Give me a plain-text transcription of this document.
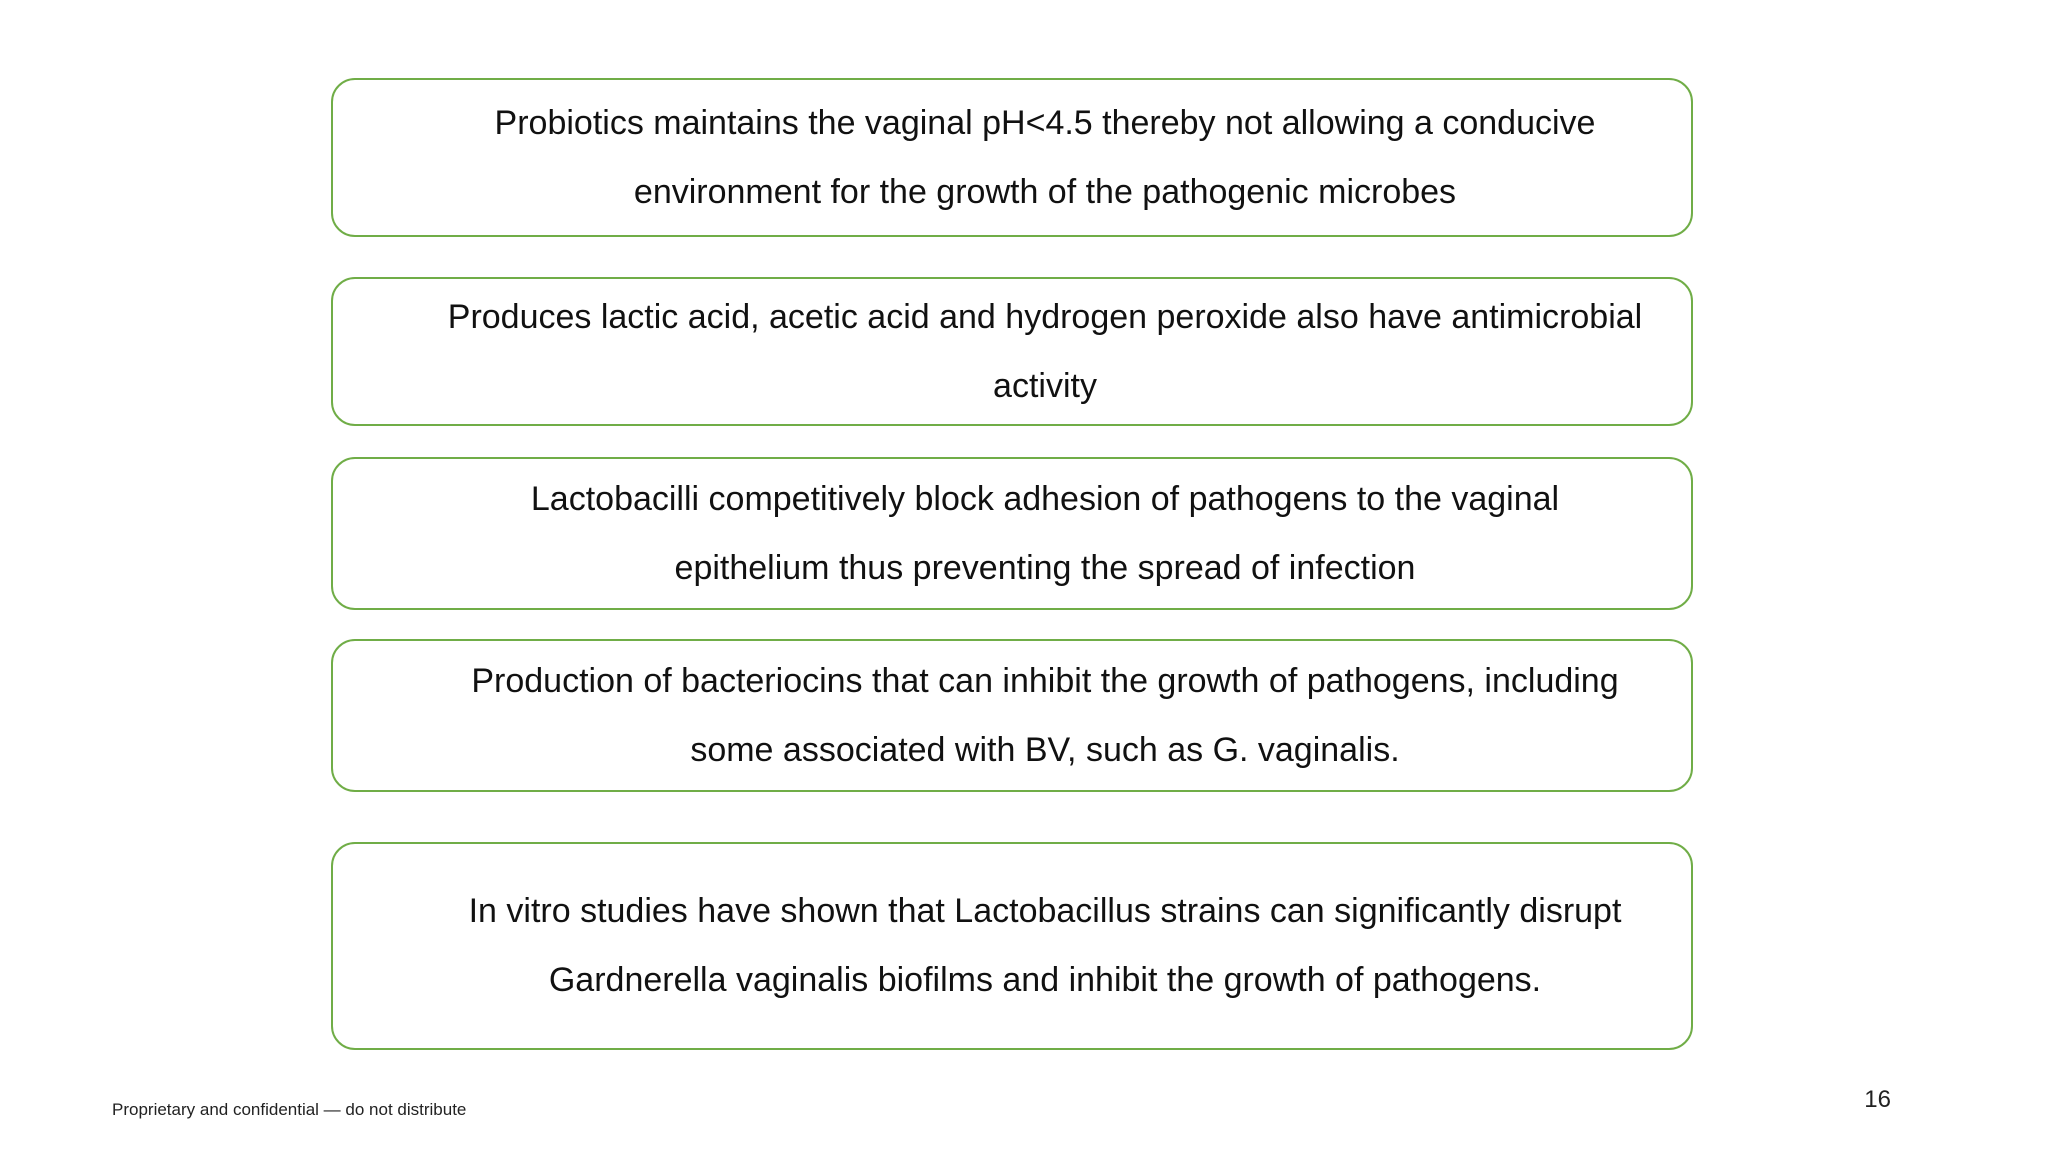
Probiotics maintains the vaginal pH<4.5 thereby not allowing a conducive
environment for the growth of the pathogenic microbes
Produces lactic acid, acetic acid and hydrogen peroxide also have antimicrobial
activity
Lactobacilli competitively block adhesion of pathogens to the vaginal
epithelium thus preventing the spread of infection
Production of bacteriocins that can inhibit the growth of pathogens, including
some associated with BV, such as G. vaginalis.
In vitro studies have shown that Lactobacillus strains can significantly disrupt
Gardnerella vaginalis biofilms and inhibit the growth of pathogens.
Proprietary and confidential — do not distribute	16
